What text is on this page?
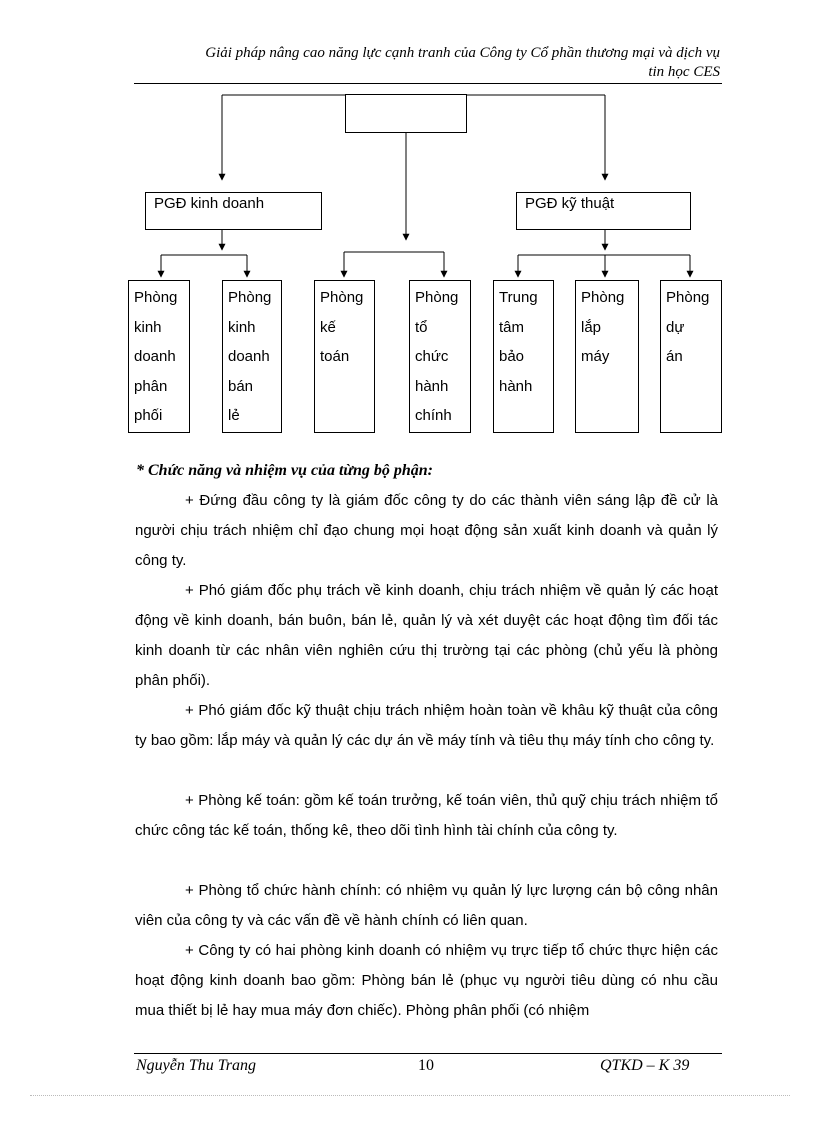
Giải pháp nâng cao năng lực cạnh tranh của Công ty Cổ phần thương mại và dịch vụ
tin học CES
PGĐ kinh doanh	PGĐ kỹ thuật
Phòng
kinh
doanh
phân
phối
Phòng
kinh
doanh
bán
lẻ
Phòng
kế
toán
Phòng
tổ
chức
hành
chính
Trung
tâm
bảo
hành
Phòng
lắp
máy
Phòng
dự
án
* Chức năng và nhiệm vụ của từng bộ phận:

+ Đứng đầu công ty là giám đốc công ty do các thành viên sáng lập đề cử là người chịu trách nhiệm chỉ đạo chung mọi hoạt động sản xuất kinh doanh và quản lý công ty.

+ Phó giám đốc phụ trách về kinh doanh, chịu trách nhiệm về quản lý các hoạt động về kinh doanh, bán buôn, bán lẻ, quản lý và xét duyệt các hoạt động tìm đối tác kinh doanh từ các nhân viên nghiên cứu thị trường tại các phòng (chủ yếu là phòng phân phối).

+ Phó giám đốc kỹ thuật chịu trách nhiệm hoàn toàn về khâu kỹ thuật của công ty bao gồm: lắp máy và quản lý các dự án về máy tính và tiêu thụ máy tính cho công ty.

+ Phòng kế toán: gồm kế toán trưởng, kế toán viên, thủ quỹ chịu trách nhiệm tổ chức công tác kế toán, thống kê, theo dõi tình hình tài chính của công ty.

+ Phòng tổ chức hành chính: có nhiệm vụ quản lý lực lượng cán bộ công nhân viên của công ty và các vấn đề về hành chính có liên quan.

+ Công ty có hai phòng kinh doanh có nhiệm vụ trực tiếp tổ chức thực hiện các hoạt động kinh doanh bao gồm: Phòng bán lẻ (phục vụ người tiêu dùng có nhu cầu mua thiết bị lẻ hay mua máy đơn chiếc). Phòng phân phối (có nhiệm

Nguyễn Thu Trang	10	QTKD – K 39
